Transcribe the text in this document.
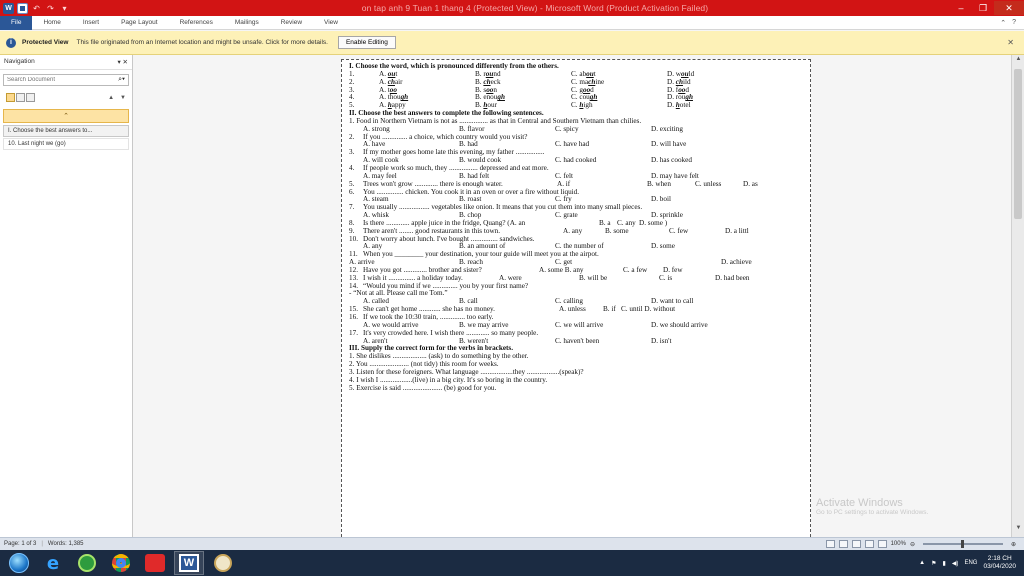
W	↶ ↷	▾	on tap anh 9 Tuan 1 thang 4 (Protected View) - Microsoft Word (Product Activation Failed)	‒	❐	✕
File	Home	Insert	Page Layout	References	Mailings	Review	View	⌃ ?
i	Protected View This file originated from an Internet location and might be unsafe. Click for more details.	Enable Editing	✕
Navigation	▾ ✕
Search Document
⌕▾
▲ ▼
⌃
I. Choose the best answers to...
10. Last night we (go)
I. Choose the word, which is pronounced differently from the others.
1.	A. out	B. round	C. about	D. would
2.	A. chair	B. check	C. machine	D. child
3.	A. too	B. soon	C. good	D. food
4.	A. though	B. enough	C. cough	D. rough
5.	A. happy	B. hour	C. high	D. hotel
II. Choose the best answers to complete the following sentences.
1. Food in Northern Vietnam is not as ................ as that in Central and Southern Vietnam than chilies.
A. strong	B. flavor	C. spicy	D. exciting
2. If you .............. a choice, which country would you visit?
A. have	B. had	C. have had	D. will have
3. If my mother goes home late this evening, my father ................
A. will cook	B. would cook	C. had cooked	D. has cooked
4. If people work so much, they ................ depressed and eat more.
A. may feel	B. had felt	C. felt	D. may have felt
5. Trees won't grow ............. there is enough water.	A. if	B. when	C. unless	D. as
6. You ............... chicken. You cook it in an oven or over a fire without liquid.
A. steam	B. roast	C. fry	D. boil
7. You usually ................. vegetables like onion. It means that you cut them into many small pieces.
A. whisk	B. chop	C. grate	D. sprinkle
8. Is there ............. apple juice in the fridge, Quang? (A. an	B. a C. any D. some )
9. There aren't ........ good restaurants in this town.	A. any	B. some	C. few	D. a littl
10. Don't worry about lunch. I've bought ............... sandwiches.
A. any	B. an amount of	C. the number of	D. some
11. When you ________ your destination, your tour guide will meet you at the airpot.
A. arrive	B. reach	C. get	D. achieve
12. Have you got ............. brother and sister?	A. some B. any	C. a few D. few
13. I wish it ............... a holiday today.	A. were	B. will be	C. is	D. had been
14. “Would you mind if we .............. you by your first name?
- “Not at all. Please call me Tom.”
A. called	B. call	C. calling	D. want to call
15. She can't get home ............ she has no money.	A. unless B. if C. until D. without
16. If we took the 10:30 train, .............. too early.
A. we would arrive	B. we may arrive	C. we will arrive	D. we should arrive
17. It's very crowded here. I wish there ............. so many people.
A. aren't	B. weren't	C. haven't been	D. isn't
III. Supply the correct form for the verbs in brackets.
1. She dislikes ................... (ask) to do something by the other.
2. You ...................... (not tidy) this room for weeks.
3. Listen for these foreigners. What language ..................they ..................(speak)?
4. I wish I ..................(live) in a big city. It's so boring in the country.
5. Exercise is said ...................... (be) good for you.
▲
▼
Activate Windows
Go to PC settings to activate Windows.
Page: 1 of 3 | Words: 1,385	100% ⊖	⊕
e	W	▲ ⚑ ▮ ◀) ENG
2:18 CH
03/04/2020
